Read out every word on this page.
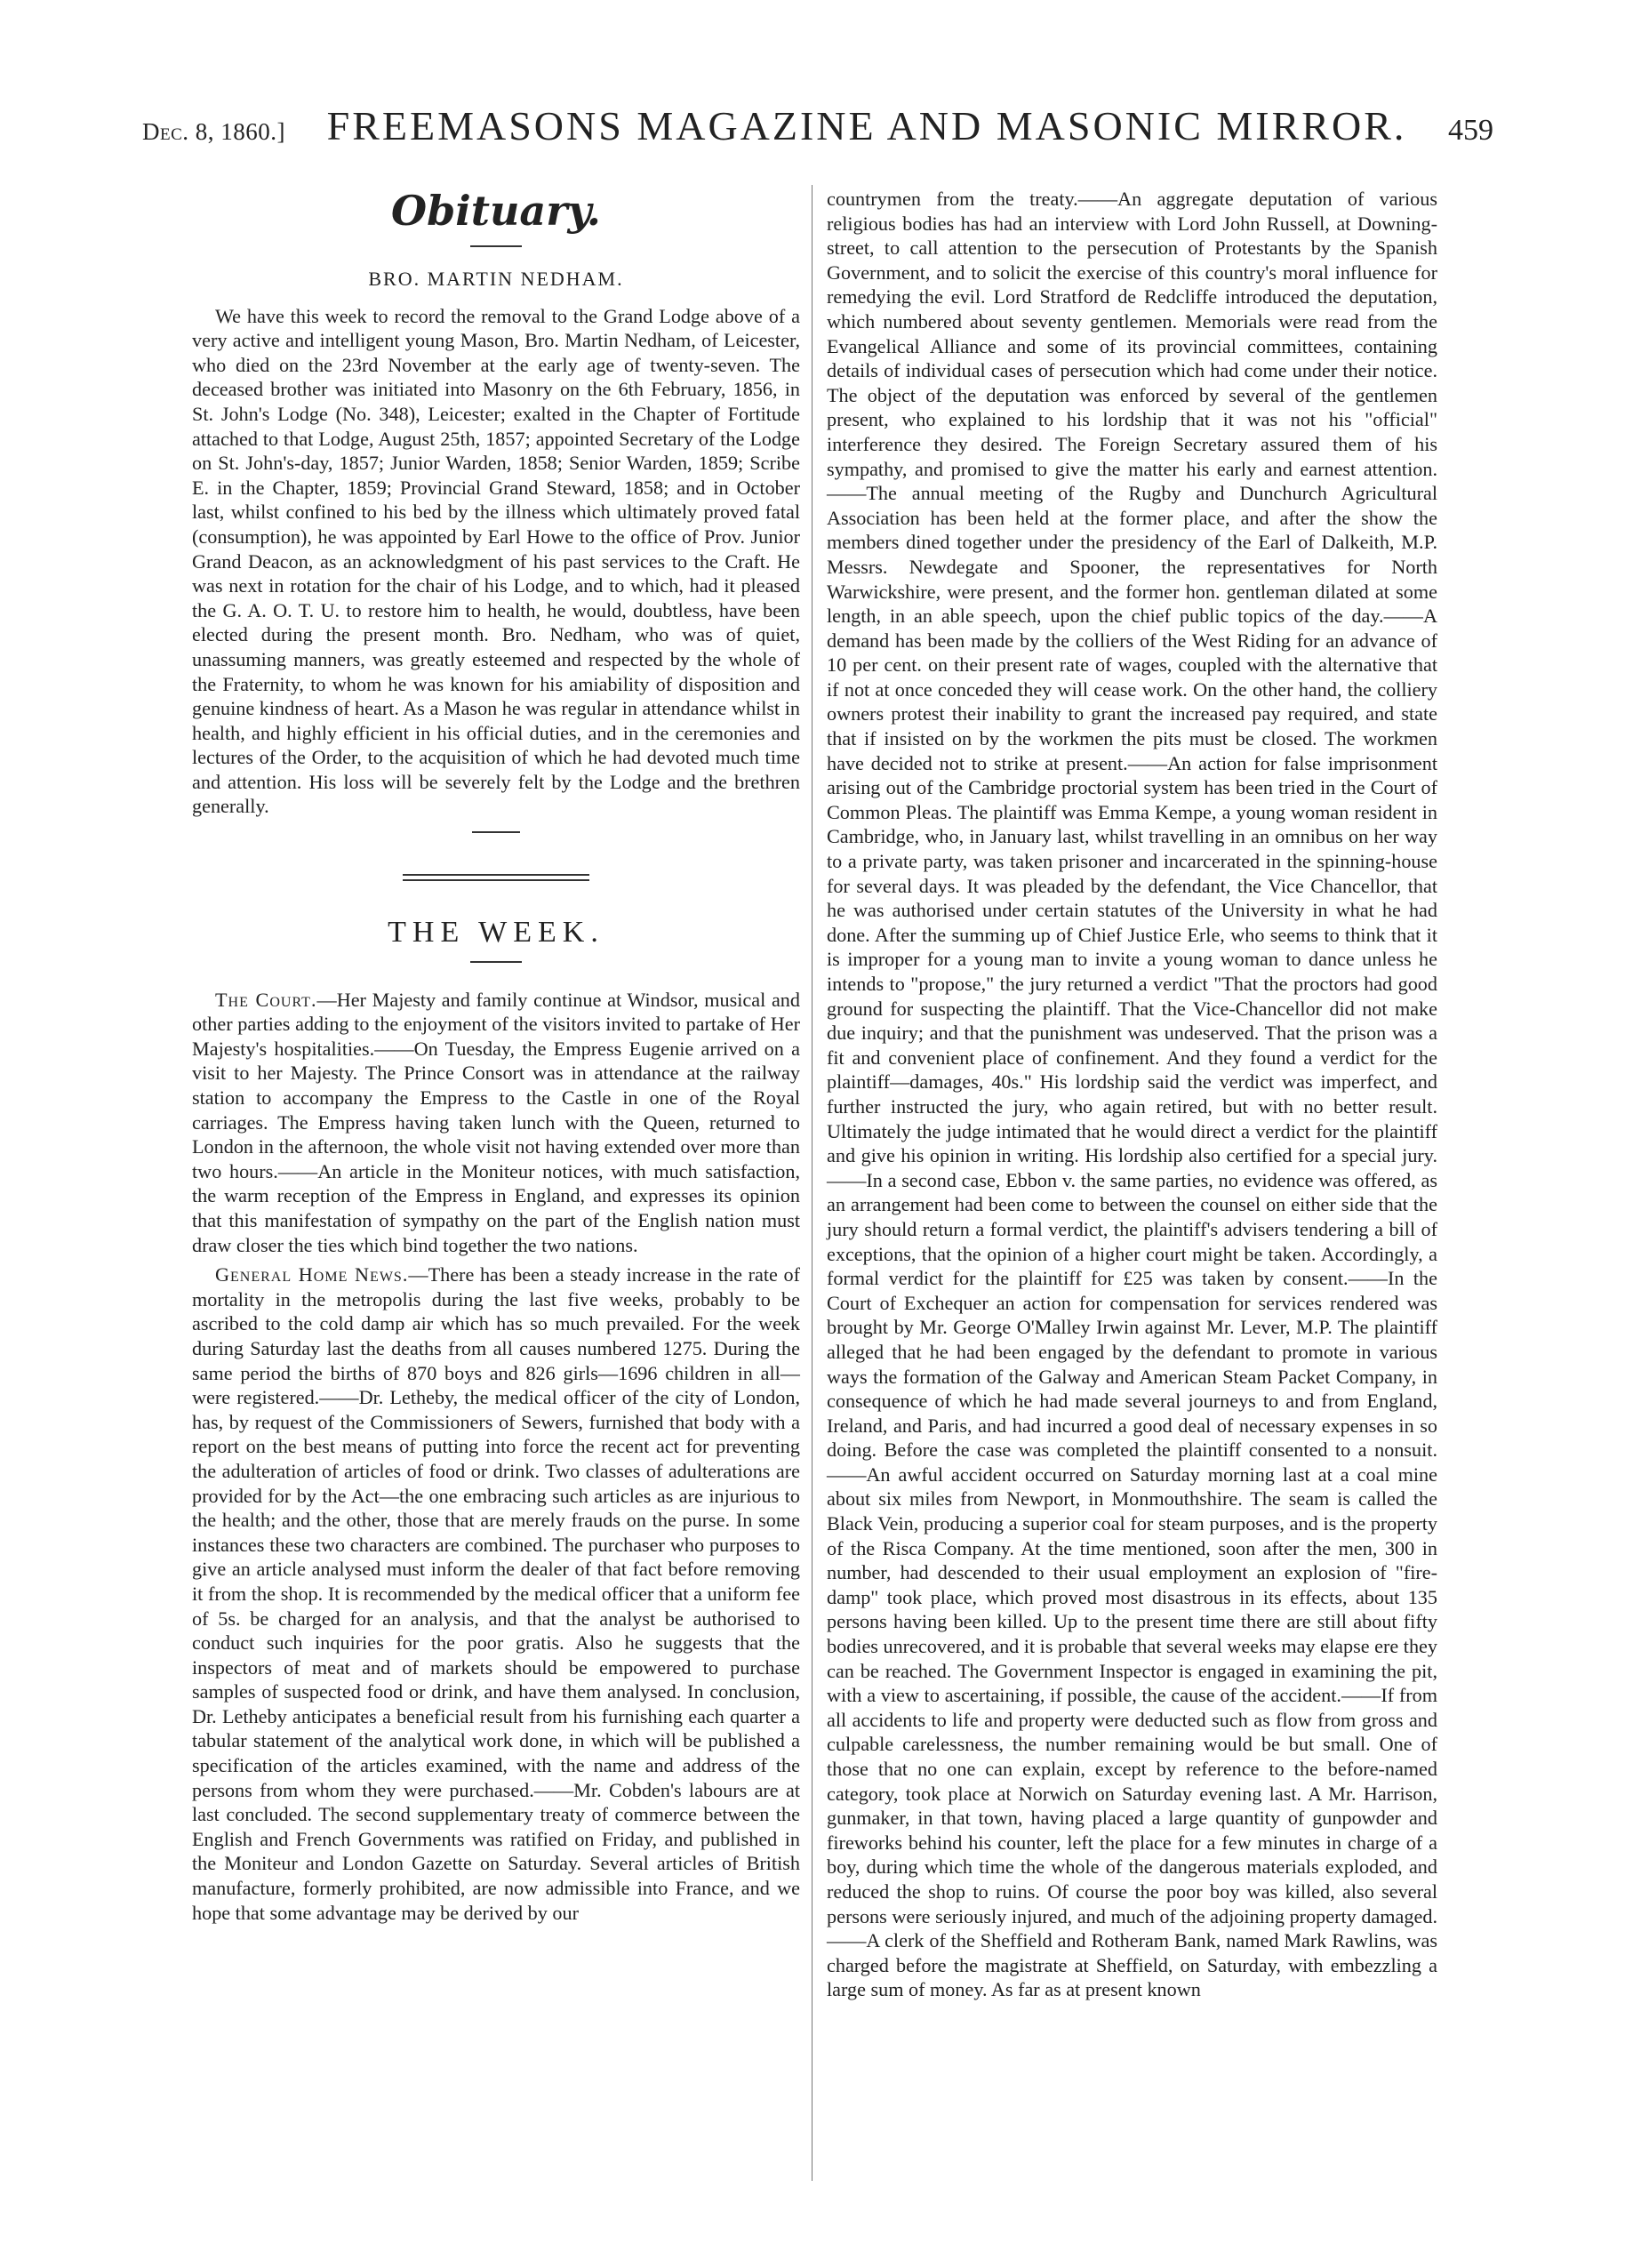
Dec. 8, 1860.] FREEMASONS MAGAZINE AND MASONIC MIRROR. 459
Obituary.
BRO. MARTIN NEDHAM.

We have this week to record the removal to the Grand Lodge above of a very active and intelligent young Mason, Bro. Martin Nedham, of Leicester, who died on the 23rd November at the early age of twenty-seven. The deceased brother was initiated into Masonry on the 6th February, 1856, in St. John's Lodge (No. 348), Leicester; exalted in the Chapter of Fortitude attached to that Lodge, August 25th, 1857; appointed Secretary of the Lodge on St. John's-day, 1857; Junior Warden, 1858; Senior Warden, 1859; Scribe E. in the Chapter, 1859; Provincial Grand Steward, 1858; and in October last, whilst confined to his bed by the illness which ultimately proved fatal (consumption), he was appointed by Earl Howe to the office of Prov. Junior Grand Deacon, as an acknowledgment of his past services to the Craft. He was next in rotation for the chair of his Lodge, and to which, had it pleased the G. A. O. T. U. to restore him to health, he would, doubtless, have been elected during the present month. Bro. Nedham, who was of quiet, unassuming manners, was greatly esteemed and respected by the whole of the Fraternity, to whom he was known for his amiability of disposition and genuine kindness of heart. As a Mason he was regular in attendance whilst in health, and highly efficient in his official duties, and in the ceremonies and lectures of the Order, to the acquisition of which he had devoted much time and attention. His loss will be severely felt by the Lodge and the brethren generally.

THE WEEK.

The Court.—Her Majesty and family continue at Windsor, musical and other parties adding to the enjoyment of the visitors invited to partake of Her Majesty's hospitalities.——On Tuesday, the Empress Eugenie arrived on a visit to her Majesty. The Prince Consort was in attendance at the railway station to accompany the Empress to the Castle in one of the Royal carriages. The Empress having taken lunch with the Queen, returned to London in the afternoon, the whole visit not having extended over more than two hours.——An article in the Moniteur notices, with much satisfaction, the warm reception of the Empress in England, and expresses its opinion that this manifestation of sympathy on the part of the English nation must draw closer the ties which bind together the two nations.

General Home News.—There has been a steady increase in the rate of mortality in the metropolis during the last five weeks, probably to be ascribed to the cold damp air which has so much prevailed. For the week during Saturday last the deaths from all causes numbered 1275. During the same period the births of 870 boys and 826 girls—1696 children in all—were registered.——Dr. Letheby, the medical officer of the city of London, has, by request of the Commissioners of Sewers, furnished that body with a report on the best means of putting into force the recent act for preventing the adulteration of articles of food or drink. Two classes of adulterations are provided for by the Act—the one embracing such articles as are injurious to the health; and the other, those that are merely frauds on the purse. In some instances these two characters are combined. The purchaser who purposes to give an article analysed must inform the dealer of that fact before removing it from the shop. It is recommended by the medical officer that a uniform fee of 5s. be charged for an analysis, and that the analyst be authorised to conduct such inquiries for the poor gratis. Also he suggests that the inspectors of meat and of markets should be empowered to purchase samples of suspected food or drink, and have them analysed. In conclusion, Dr. Letheby anticipates a beneficial result from his furnishing each quarter a tabular statement of the analytical work done, in which will be published a specification of the articles examined, with the name and address of the persons from whom they were purchased.——Mr. Cobden's labours are at last concluded. The second supplementary treaty of commerce between the English and French Governments was ratified on Friday, and published in the Moniteur and London Gazette on Saturday. Several articles of British manufacture, formerly prohibited, are now admissible into France, and we hope that some advantage may be derived by our

countrymen from the treaty.——An aggregate deputation of various religious bodies has had an interview with Lord John Russell, at Downing-street, to call attention to the persecution of Protestants by the Spanish Government, and to solicit the exercise of this country's moral influence for remedying the evil. Lord Stratford de Redcliffe introduced the deputation, which numbered about seventy gentlemen. Memorials were read from the Evangelical Alliance and some of its provincial committees, containing details of individual cases of persecution which had come under their notice. The object of the deputation was enforced by several of the gentlemen present, who explained to his lordship that it was not his "official" interference they desired. The Foreign Secretary assured them of his sympathy, and promised to give the matter his early and earnest attention.——The annual meeting of the Rugby and Dunchurch Agricultural Association has been held at the former place, and after the show the members dined together under the presidency of the Earl of Dalkeith, M.P. Messrs. Newdegate and Spooner, the representatives for North Warwickshire, were present, and the former hon. gentleman dilated at some length, in an able speech, upon the chief public topics of the day.——A demand has been made by the colliers of the West Riding for an advance of 10 per cent. on their present rate of wages, coupled with the alternative that if not at once conceded they will cease work. On the other hand, the colliery owners protest their inability to grant the increased pay required, and state that if insisted on by the workmen the pits must be closed. The workmen have decided not to strike at present.——An action for false imprisonment arising out of the Cambridge proctorial system has been tried in the Court of Common Pleas. The plaintiff was Emma Kempe, a young woman resident in Cambridge, who, in January last, whilst travelling in an omnibus on her way to a private party, was taken prisoner and incarcerated in the spinning-house for several days. It was pleaded by the defendant, the Vice Chancellor, that he was authorised under certain statutes of the University in what he had done. After the summing up of Chief Justice Erle, who seems to think that it is improper for a young man to invite a young woman to dance unless he intends to "propose," the jury returned a verdict "That the proctors had good ground for suspecting the plaintiff. That the Vice-Chancellor did not make due inquiry; and that the punishment was undeserved. That the prison was a fit and convenient place of confinement. And they found a verdict for the plaintiff—damages, 40s." His lordship said the verdict was imperfect, and further instructed the jury, who again retired, but with no better result. Ultimately the judge intimated that he would direct a verdict for the plaintiff and give his opinion in writing. His lordship also certified for a special jury.——In a second case, Ebbon v. the same parties, no evidence was offered, as an arrangement had been come to between the counsel on either side that the jury should return a formal verdict, the plaintiff's advisers tendering a bill of exceptions, that the opinion of a higher court might be taken. Accordingly, a formal verdict for the plaintiff for £25 was taken by consent.——In the Court of Exchequer an action for compensation for services rendered was brought by Mr. George O'Malley Irwin against Mr. Lever, M.P. The plaintiff alleged that he had been engaged by the defendant to promote in various ways the formation of the Galway and American Steam Packet Company, in consequence of which he had made several journeys to and from England, Ireland, and Paris, and had incurred a good deal of necessary expenses in so doing. Before the case was completed the plaintiff consented to a nonsuit.——An awful accident occurred on Saturday morning last at a coal mine about six miles from Newport, in Monmouthshire. The seam is called the Black Vein, producing a superior coal for steam purposes, and is the property of the Risca Company. At the time mentioned, soon after the men, 300 in number, had descended to their usual employment an explosion of "fire-damp" took place, which proved most disastrous in its effects, about 135 persons having been killed. Up to the present time there are still about fifty bodies unrecovered, and it is probable that several weeks may elapse ere they can be reached. The Government Inspector is engaged in examining the pit, with a view to ascertaining, if possible, the cause of the accident.——If from all accidents to life and property were deducted such as flow from gross and culpable carelessness, the number remaining would be but small. One of those that no one can explain, except by reference to the before-named category, took place at Norwich on Saturday evening last. A Mr. Harrison, gunmaker, in that town, having placed a large quantity of gunpowder and fireworks behind his counter, left the place for a few minutes in charge of a boy, during which time the whole of the dangerous materials exploded, and reduced the shop to ruins. Of course the poor boy was killed, also several persons were seriously injured, and much of the adjoining property damaged.——A clerk of the Sheffield and Rotheram Bank, named Mark Rawlins, was charged before the magistrate at Sheffield, on Saturday, with embezzling a large sum of money. As far as at present known
